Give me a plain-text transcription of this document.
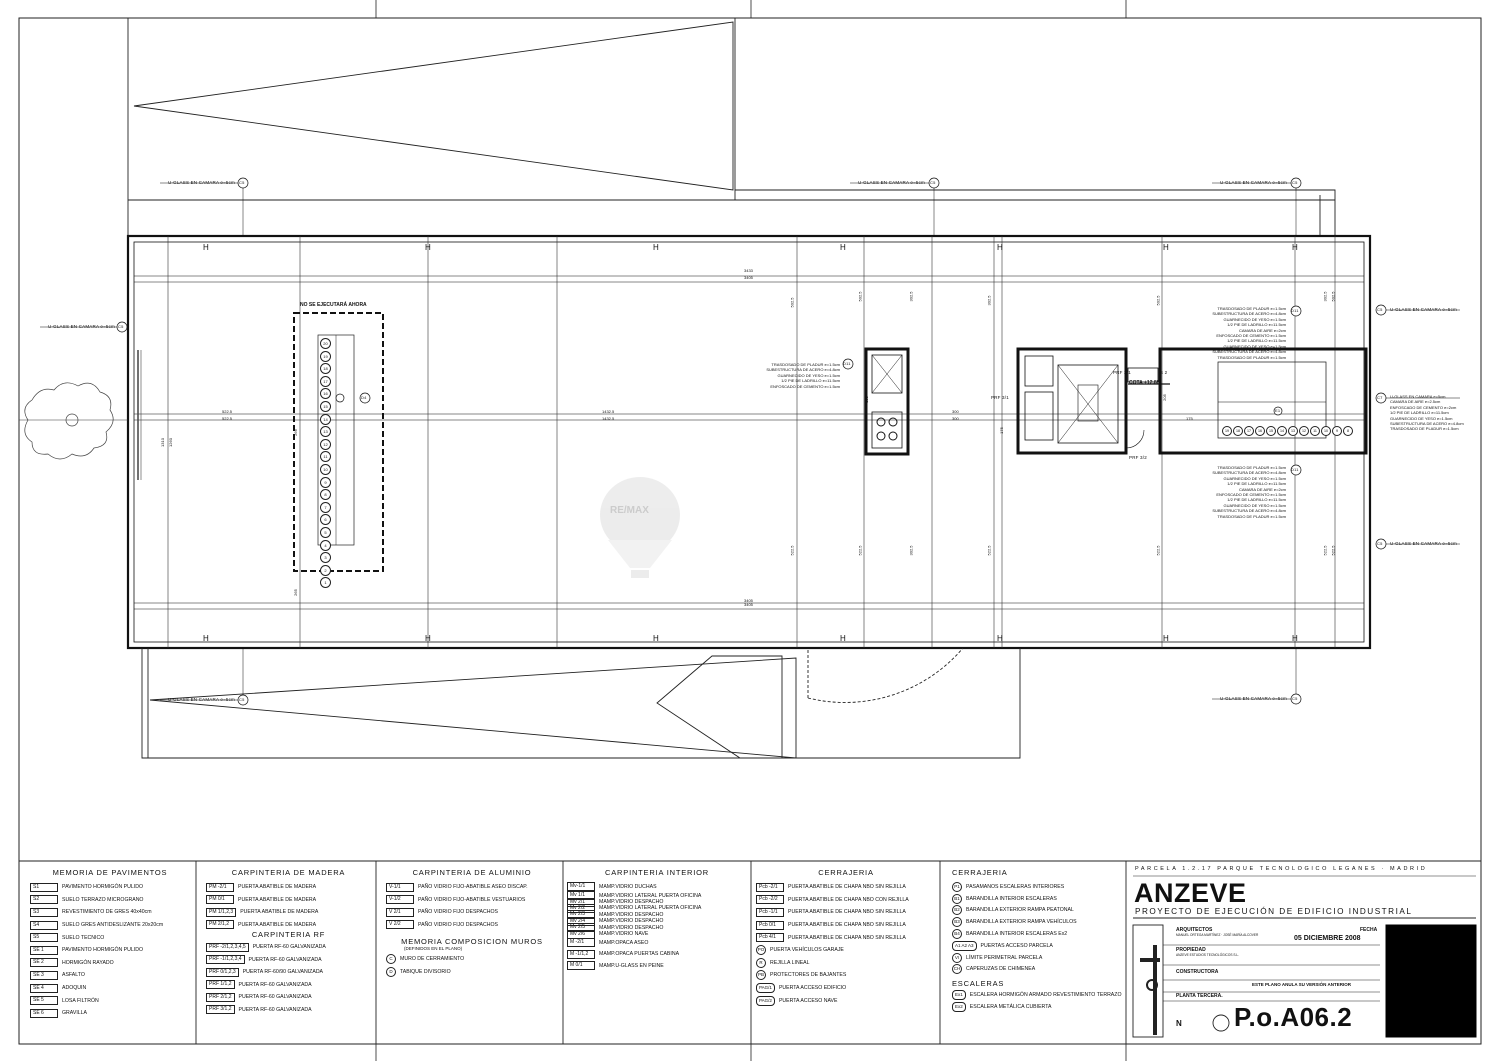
H	H	H	H	H	H	H
H	H	H	H	H	H	H
U-GLASS EN CAMARA e=5cm	U-GLASS EN CAMARA e=5cm	U-GLASS EN CAMARA e=5cm
U-GLASS EN CAMARA e=5cm
U-GLASS EN CAMARA e=5cm
U-GLASS EN CAMARA e=5cm
U-GLASS EN CAMARA e=5cm	U-GLASS EN CAMARA e=5cm
C5	C5	C5
C5
C5
C7
C5
C5	C5
D11
D11
D11
D4
E1
NO SE EJECUTARÁ AHORA
COTA +12.88
PRF 3/1
PRF 3/1
PRF 3/2
S 2
20
19
18
17
16
15
14
13
12
11
10
9
8
7
6
5
4
3
2
1
19	18	17	16	15	14	13	12	11	10	9	8
3433
3405
3405
522.5
522.5
1432.5
1432.5
300
300	175
1310 1260
502.5
522.5
502.5
522.5
302.5
522.5
502.5
522.5
302.5
522.5
502.5
522.5
302.5
302.5
265
266
205
175
155
3405
TRASDOSADO DE PLADUR e=1.5cm
SUBESTRUCTURA DE ACERO e=4.8cm
GUARNECIDO DE YESO e=1.5cm
1/2 PIE DE LADRILLO e=11.5cm
ENFOSCADO DE CEMENTO e=1.5cm
TRASDOSADO DE PLADUR e=1.5cm
SUBESTRUCTURA DE ACERO e=4.8cm
GUARNECIDO DE YESO e=1.5cm
1/2 PIE DE LADRILLO e=11.5cm
CAMARA DE AIRE e=2cm
ENFOSCADO DE CEMENTO e=1.5cm
1/2 PIE DE LADRILLO e=11.5cm
GUARNECIDO DE YESO e=1.5cm
SUBESTRUCTURA DE ACERO e=4.8cm
TRASDOSADO DE PLADUR e=1.5cm
TRASDOSADO DE PLADUR e=1.5cm
SUBESTRUCTURA DE ACERO e=4.8cm
GUARNECIDO DE YESO e=1.5cm
1/2 PIE DE LADRILLO e=11.5cm
CAMARA DE AIRE e=2cm
ENFOSCADO DE CEMENTO e=1.5cm
1/2 PIE DE LADRILLO e=11.5cm
GUARNECIDO DE YESO e=1.5cm
SUBESTRUCTURA DE ACERO e=4.8cm
TRASDOSADO DE PLADUR e=1.5cm
U-GLASS EN CAMARA e=5cm
CAMARA DE AIRE e=2.5cm
ENFOSCADO DE CEMENTO e=2cm
1/2 PIE DE LADRILLO e=11.5cm
GUARNECIDO DE YESO e=1.5cm
SUBESTRUCTURA DE ACERO e=4.8cm
TRASDOSADO DE PLADUR e=1.5cm
RE/MAX
MEMORIA DE PAVIMENTOS
S1	PAVIMENTO HORMIGÓN PULIDO
S2	SUELO TERRAZO MICROGRANO
S3	REVESTIMIENTO DE GRES 40x40cm
S4	SUELO GRES ANTIDESLIZANTE 20x20cm
S5	SUELO TECNICO
SE 1	PAVIMENTO HORMIGÓN PULIDO
SE 2	HORMIGÓN RAYADO
SE 3	ASFALTO
SE 4	ADOQUIN
SE 5	LOSA FILTRÓN
SE 6	GRAVILLA
CARPINTERIA DE MADERA
PM -2/1	PUERTA ABATIBLE DE MADERA
PM 0/1	PUERTA ABATIBLE DE MADERA
PM 1/1,2,3	PUERTA ABATIBLE DE MADERA
PM 2/1,2	PUERTA ABATIBLE DE MADERA
CARPINTERIA RF
PRF -2/1,2,3,4,5	PUERTA RF-60 GALVANIZADA
PRF -1/1,2,3,4	PUERTA RF-60 GALVANIZADA
PRF 0/1,2,3	PUERTA RF-60/90 GALVANIZADA
PRF 1/1,2	PUERTA RF-60 GALVANIZADA
PRF 2/1,2	PUERTA RF-60 GALVANIZADA
PRF 3/1,2	PUERTA RF-60 GALVANIZADA
CARPINTERIA DE ALUMINIO
V-1/1	PAÑO VIDRIO FIJO-ABATIBLE ASEO DISCAP.
V-1/2	PAÑO VIDRIO FIJO-ABATIBLE VESTUARIOS
V 2/1	PAÑO VIDRIO FIJO DESPACHOS
V 2/2	PAÑO VIDRIO FIJO DESPACHOS
MEMORIA COMPOSICION MUROS
(DEFINIDOS EN EL PLANO)
C	MURO DE CERRAMIENTO
D	TABIQUE DIVISORIO
CARPINTERIA INTERIOR
Mv-1/1	MAMP.VIDRIO DUCHAS
Mv 1/1	MAMP.VIDRIO LATERAL PUERTA OFICINA
Mv 2/1	MAMP.VIDRIO DESPACHO
Mv 2/2	MAMP.VIDRIO LATERAL PUERTA OFICINA
Mv 2/3	MAMP.VIDRIO DESPACHO
Mv 2/4	MAMP.VIDRIO DESPACHO
Mv 2/5	MAMP.VIDRIO DESPACHO
Mv 2/6	MAMP.VIDRIO NAVE
M -2/1	MAMP.OPACA ASEO
M -1/1,2	MAMP.OPACA PUERTAS CABINA
M 0/1	MAMP.U-GLASS EN PEINE
CERRAJERIA
Pcb -2/1	PUERTA ABATIBLE DE CHAPA NBO SIN REJILLA
Pcb -2/2	PUERTA ABATIBLE DE CHAPA NBO CON REJILLA
Pcb -1/1	PUERTA ABATIBLE DE CHAPA NBO SIN REJILLA
Pcb 0/1	PUERTA ABATIBLE DE CHAPA NBO SIN REJILLA
Pcb 4/1	PUERTA ABATIBLE DE CHAPA NBO SIN REJILLA
PO	PUERTA VEHÍCULOS GARAJE
R	REJILLA LINEAL
PB	PROTECTORES DE BAJANTES
PAG/1	PUERTA ACCESO EDIFICIO
PAG/2	PUERTA ACCESO NAVE
CERRAJERIA
P1	PASAMANOS ESCALERAS INTERIORES
B1	BARANDILLA INTERIOR ESCALERAS
B2	BARANDILLA EXTERIOR RAMPA PEATONAL
B3	BARANDILLA EXTERIOR RAMPA VEHÍCULOS
B4	BARANDILLA INTERIOR ESCALERAS Ex2
A1 A2 A3	PUERTAS ACCESO PARCELA
VI	LÍMITE PERIMETRAL PARCELA
CH	CAPERUZAS DE CHIMENEA
ESCALERAS
Ex1	ESCALERA HORMIGÓN ARMADO REVESTIMIENTO TERRAZO
Ex2	ESCALERA METÁLICA CUBIERTA
PARCELA 1.2.17 PARQUE TECNOLOGICO LEGANES · MADRID
ANZEVE
PROYECTO DE EJECUCIÓN DE EDIFICIO INDUSTRIAL
ARQUITECTOS
MANUEL ORTEGA MARTÍNEZ · JOSÉ MARÍA ALCOVER
FECHA
05 DICIEMBRE 2008
PROPIEDAD
ANZEVE ESTUDIOS TECNOLÓGICOS S.L.
CONSTRUCTORA
ESTE PLANO ANULA SU VERSIÓN ANTERIOR
PLANTA TERCERA.
N P.o.A06.2
